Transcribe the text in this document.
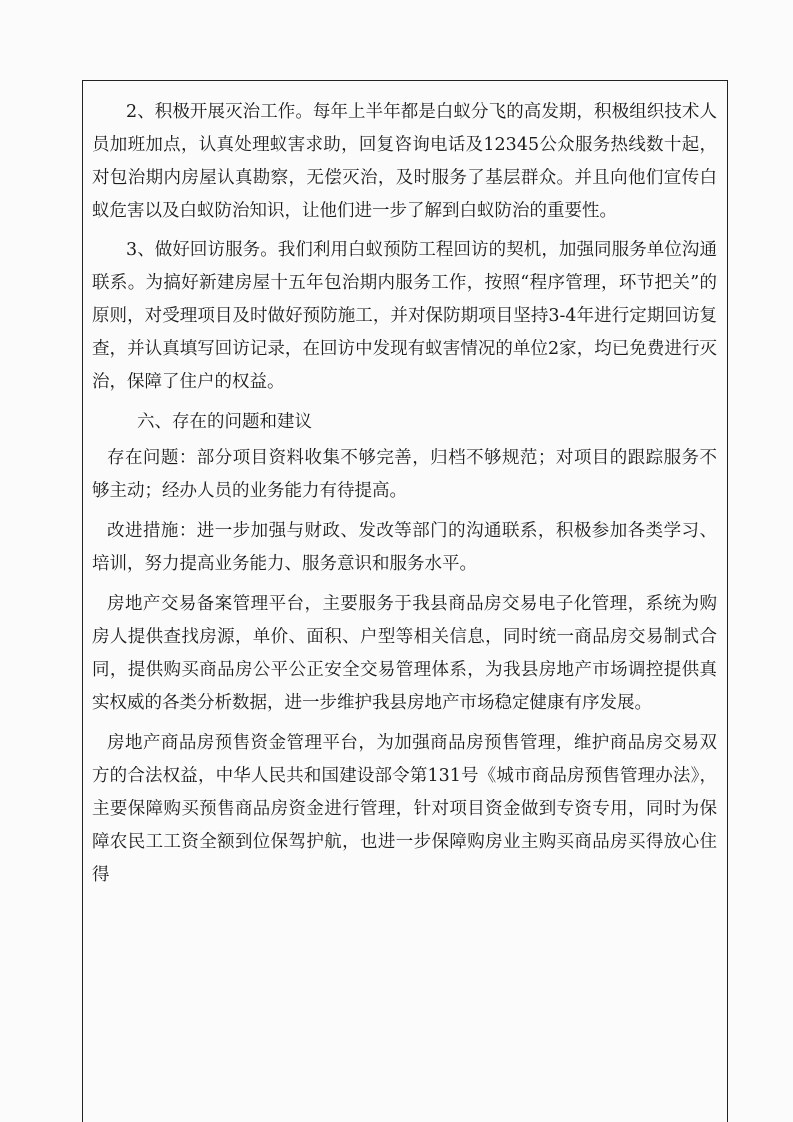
2、积极开展灭治工作。每年上半年都是白蚁分飞的高发期，积极组织技术人员加班加点，认真处理蚁害求助，回复咨询电话及12345公众服务热线数十起，对包治期内房屋认真勘察，无偿灭治，及时服务了基层群众。并且向他们宣传白蚁危害以及白蚁防治知识，让他们进一步了解到白蚁防治的重要性。

3、做好回访服务。我们利用白蚁预防工程回访的契机，加强同服务单位沟通联系。为搞好新建房屋十五年包治期内服务工作，按照“程序管理，环节把关”的原则，对受理项目及时做好预防施工，并对保防期项目坚持3-4年进行定期回访复查，并认真填写回访记录，在回访中发现有蚁害情况的单位2家，均已免费进行灭治，保障了住户的权益。

六、存在的问题和建议

存在问题：部分项目资料收集不够完善，归档不够规范；对项目的跟踪服务不够主动；经办人员的业务能力有待提高。

改进措施：进一步加强与财政、发改等部门的沟通联系，积极参加各类学习、培训，努力提高业务能力、服务意识和服务水平。

房地产交易备案管理平台，主要服务于我县商品房交易电子化管理，系统为购房人提供查找房源，单价、面积、户型等相关信息，同时统一商品房交易制式合同，提供购买商品房公平公正安全交易管理体系，为我县房地产市场调控提供真实权威的各类分析数据，进一步维护我县房地产市场稳定健康有序发展。

房地产商品房预售资金管理平台，为加强商品房预售管理，维护商品房交易双方的合法权益，中华人民共和国建设部令第131号《城市商品房预售管理办法》，主要保障购买预售商品房资金进行管理，针对项目资金做到专资专用，同时为保障农民工工资全额到位保驾护航，也进一步保障购房业主购买商品房买得放心住得
